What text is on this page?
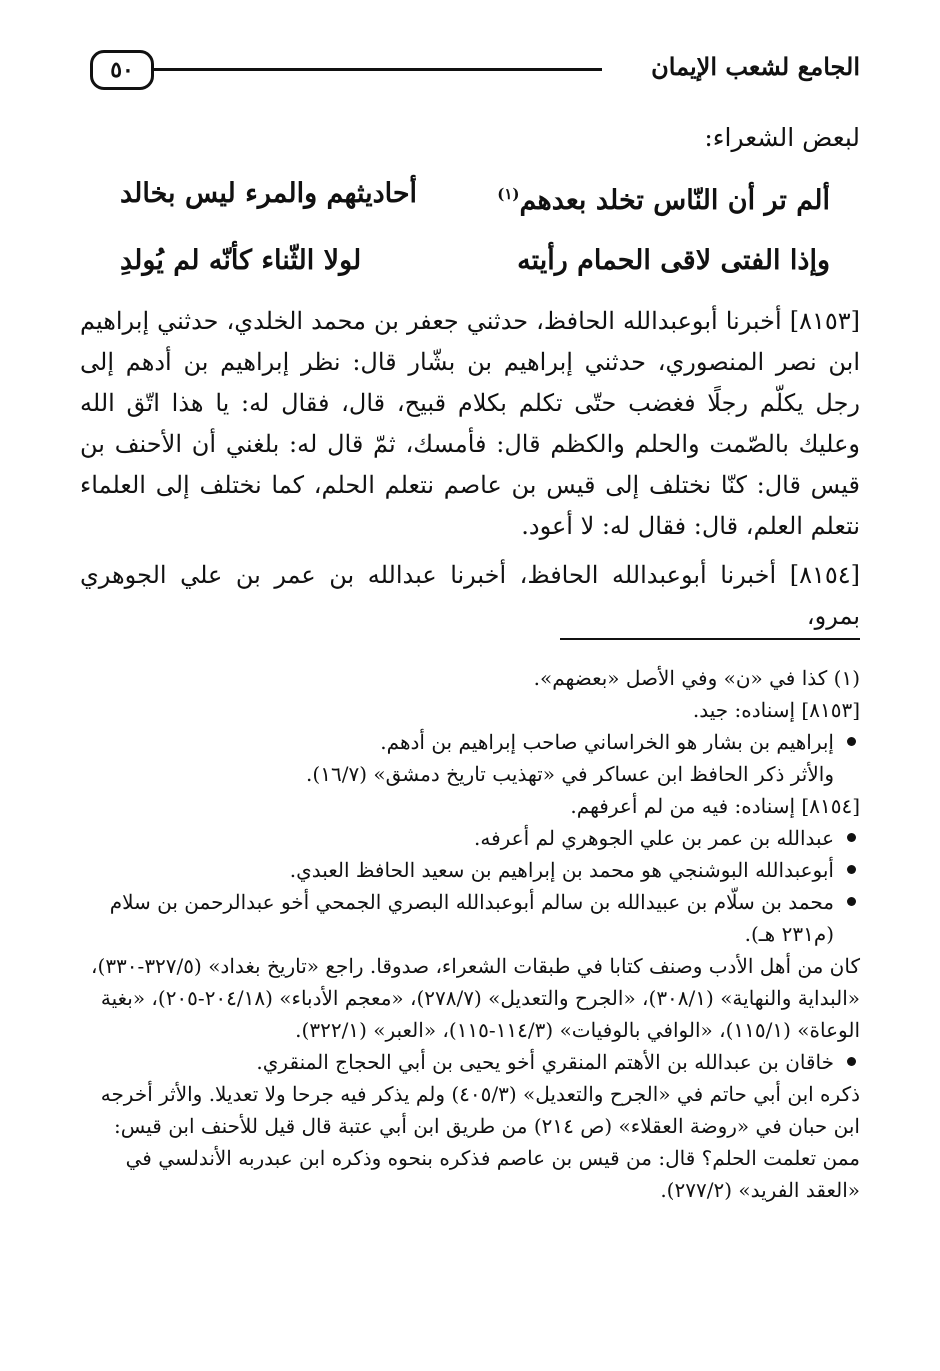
٥٠	الجامع لشعب الإيمان

لبعض الشعراء:

ألم تر أن النّاس تخلد بعدهم$^{(١)}$
أحاديثهم والمرء ليس بخالد
وإذا الفتى لاقى الحمام رأيته
لولا الثّناء كأنّه لم يُولدِ

[٨١٥٣] أخبرنا أبوعبدالله الحافظ، حدثني جعفر بن محمد الخلدي، حدثني إبراهيم ابن نصر المنصوري، حدثني إبراهيم بن بشّار قال: نظر إبراهيم بن أدهم إلى رجل يكلّم رجلًا فغضب حتّى تكلم بكلام قبيح، قال، فقال له: يا هذا اتّق الله وعليك بالصّمت والحلم والكظم قال: فأمسك، ثمّ قال له: بلغني أن الأحنف بن قيس قال: كنّا نختلف إلى قيس بن عاصم نتعلم الحلم، كما نختلف إلى العلماء نتعلم العلم، قال: فقال له: لا أعود.

[٨١٥٤] أخبرنا أبوعبدالله الحافظ، أخبرنا عبدالله بن عمر بن علي الجوهري بمرو،

(١) كذا في «ن» وفي الأصل «بعضهم».

[٨١٥٣] إسناده: جيد.

إبراهيم بن بشار هو الخراساني صاحب إبراهيم بن أدهم.

والأثر ذكر الحافظ ابن عساكر في «تهذيب تاريخ دمشق» (١٦/٧).

[٨١٥٤] إسناده: فيه من لم أعرفهم.

عبدالله بن عمر بن علي الجوهري لم أعرفه.
أبوعبدالله البوشنجي هو محمد بن إبراهيم بن سعيد الحافظ العبدي.
محمد بن سلّام بن عبيدالله بن سالم أبوعبدالله البصري الجمحي أخو عبدالرحمن بن سلام (م٢٣١ هـ).

كان من أهل الأدب وصنف كتابا في طبقات الشعراء، صدوقا. راجع «تاريخ بغداد» (٣٢٧/٥-٣٣٠)، «البداية والنهاية» (٣٠٨/١)، «الجرح والتعديل» (٢٧٨/٧)، «معجم الأدباء» (٢٠٤/١٨-٢٠٥)، «بغية الوعاة» (١١٥/١)، «الوافي بالوفيات» (١١٤/٣-١١٥)، «العبر» (٣٢٢/١).

خاقان بن عبدالله بن الأهتم المنقري أخو يحيى بن أبي الحجاج المنقري.

ذكره ابن أبي حاتم في «الجرح والتعديل» (٤٠٥/٣) ولم يذكر فيه جرحا ولا تعديلا. والأثر أخرجه ابن حبان في «روضة العقلاء» (ص ٢١٤) من طريق ابن أبي عتبة قال قيل للأحنف ابن قيس: ممن تعلمت الحلم؟ قال: من قيس بن عاصم فذكره بنحوه وذكره ابن عبدربه الأندلسي في «العقد الفريد» (٢٧٧/٢).
